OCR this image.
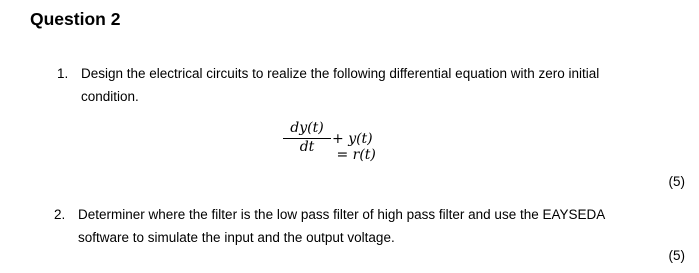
Question 2
1. Design the electrical circuits to realize the following differential equation with zero initial
condition.
dy(t)
dt	+ y(t) = r(t)
(5)
2. Determiner where the filter is the low pass filter of high pass filter and use the EAYSEDA
software to simulate the input and the output voltage.
(5)
